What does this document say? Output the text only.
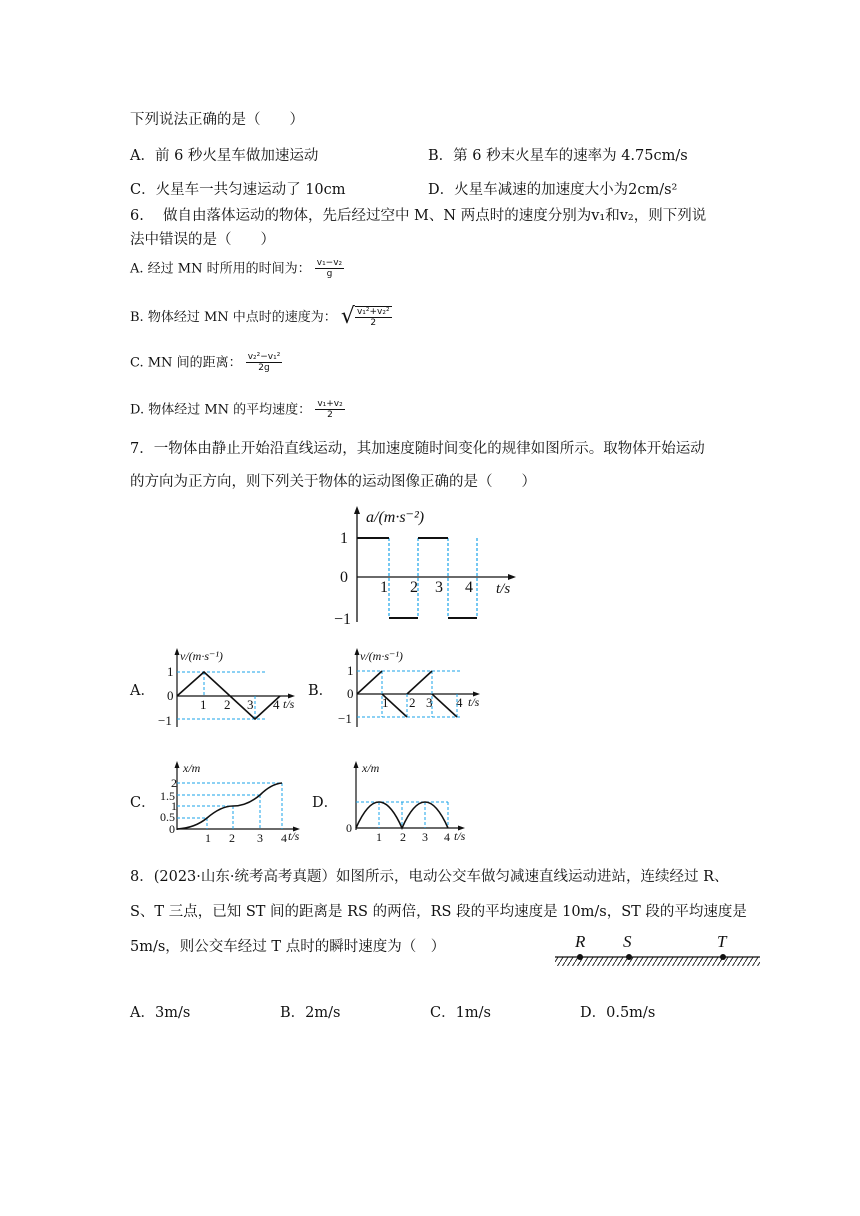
下列说法正确的是（　　）
A．前 6 秒火星车做加速运动	B．第 6 秒末火星车的速率为 4.75cm/s
C．火星车一共匀速运动了 10cm	D．火星车减速的加速度大小为2cm/s²
6.　 做自由落体运动的物体，先后经过空中 M、N 两点时的速度分别为v₁和v₂，则下列说
法中错误的是（　　）
A. 经过 MN 时所用的时间为： $\frac{\text{v₁−v₂}}{g}$
B. 物体经过 MN 中点时的速度为： √ $\frac{\text{v₁²+v₂²}}{2}$
C. MN 间的距离： $\frac{\text{v₂²−v₁²}}{2g}$
D. 物体经过 MN 的平均速度： $\frac{\text{v₁+v₂}}{2}$
7．一物体由静止开始沿直线运动，其加速度随时间变化的规律如图所示。取物体开始运动
的方向为正方向，则下列关于物体的运动图像正确的是（　　）
a/(m·s⁻²)
t/s
1
0
−1
1 2 3 4
A．
v/(m·s⁻¹)
t/s
1
0
−1
1 2 3 4
B．
v/(m·s⁻¹)
t/s
1
0
−1
1 2 3 4
C．
x/m
t/s
2
1.5
1
0.5
0
1 2 3 4
D．
x/m
t/s
0
1 2 3 4
8．(2023·山东·统考高考真题）如图所示，电动公交车做匀减速直线运动进站，连续经过 R、
S、T 三点，已知 ST 间的距离是 RS 的两倍，RS 段的平均速度是 10m/s，ST 段的平均速度是
5m/s，则公交车经过 T 点时的瞬时速度为（　）	R S	T
A．3m/s	B．2m/s	C．1m/s	D．0.5m/s
